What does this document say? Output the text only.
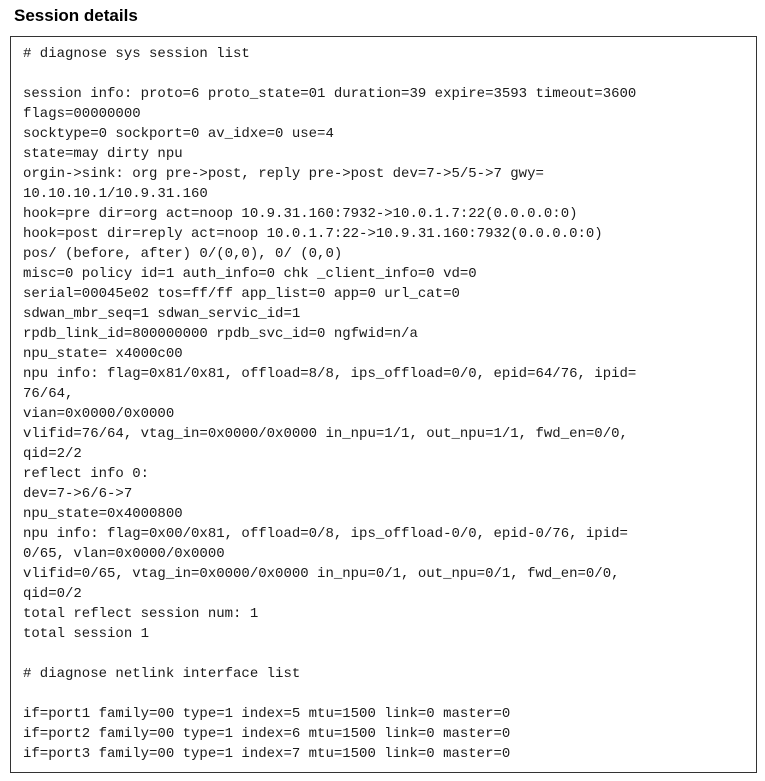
Session details
# diagnose sys session list
session info: proto=6 proto_state=01 duration=39 expire=3593 timeout=3600
flags=00000000
socktype=0 sockport=0 av_idxe=0 use=4
state=may dirty npu
orgin->sink: org pre->post, reply pre->post dev=7->5/5->7 gwy=
10.10.10.1/10.9.31.160
hook=pre dir=org act=noop 10.9.31.160:7932->10.0.1.7:22(0.0.0.0:0)
hook=post dir=reply act=noop 10.0.1.7:22->10.9.31.160:7932(0.0.0.0:0)
pos/ (before, after) 0/(0,0), 0/ (0,0)
misc=0 policy id=1 auth_info=0 chk _client_info=0 vd=0
serial=00045e02 tos=ff/ff app_list=0 app=0 url_cat=0
sdwan_mbr_seq=1 sdwan_servic_id=1
rpdb_link_id=800000000 rpdb_svc_id=0 ngfwid=n/a
npu_state= x4000c00
npu info: flag=0x81/0x81, offload=8/8, ips_offload=0/0, epid=64/76, ipid=
76/64,
vian=0x0000/0x0000
vlifid=76/64, vtag_in=0x0000/0x0000 in_npu=1/1, out_npu=1/1, fwd_en=0/0,
qid=2/2
reflect info 0:
dev=7->6/6->7
npu_state=0x4000800
npu info: flag=0x00/0x81, offload=0/8, ips_offload-0/0, epid-0/76, ipid=
0/65, vlan=0x0000/0x0000
vlifid=0/65, vtag_in=0x0000/0x0000 in_npu=0/1, out_npu=0/1, fwd_en=0/0,
qid=0/2
total reflect session num: 1
total session 1
# diagnose netlink interface list
if=port1 family=00 type=1 index=5 mtu=1500 link=0 master=0
if=port2 family=00 type=1 index=6 mtu=1500 link=0 master=0
if=port3 family=00 type=1 index=7 mtu=1500 link=0 master=0
